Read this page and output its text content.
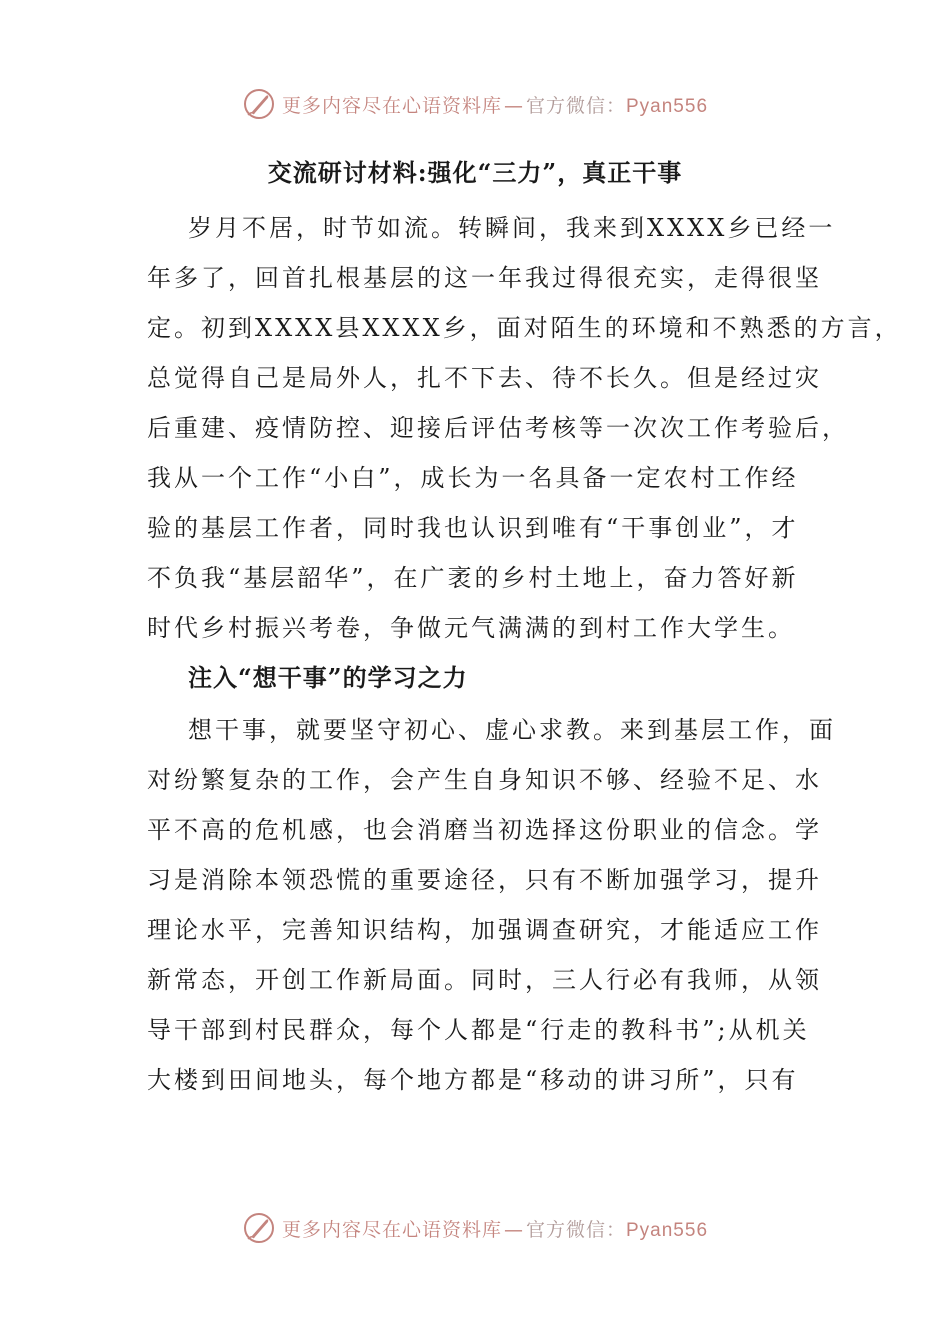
更多内容尽在心语资料库 — 官方微信：Pyan556
交流研讨材料:强化“三力”，真正干事
岁月不居，时节如流。转瞬间，我来到XXXX乡已经一
年多了，回首扎根基层的这一年我过得很充实，走得很坚
定。初到XXXX县XXXX乡，面对陌生的环境和不熟悉的方言，
总觉得自己是局外人，扎不下去、待不长久。但是经过灾
后重建、疫情防控、迎接后评估考核等一次次工作考验后，
我从一个工作“小白”，成长为一名具备一定农村工作经
验的基层工作者，同时我也认识到唯有“干事创业”，才
不负我“基层韶华”，在广袤的乡村土地上，奋力答好新
时代乡村振兴考卷，争做元气满满的到村工作大学生。
注入“想干事”的学习之力
想干事，就要坚守初心、虚心求教。来到基层工作，面
对纷繁复杂的工作，会产生自身知识不够、经验不足、水
平不高的危机感，也会消磨当初选择这份职业的信念。学
习是消除本领恐慌的重要途径，只有不断加强学习，提升
理论水平，完善知识结构，加强调查研究，才能适应工作
新常态，开创工作新局面。同时，三人行必有我师，从领
导干部到村民群众，每个人都是“行走的教科书”;从机关
大楼到田间地头，每个地方都是“移动的讲习所”，只有
更多内容尽在心语资料库 — 官方微信：Pyan556
